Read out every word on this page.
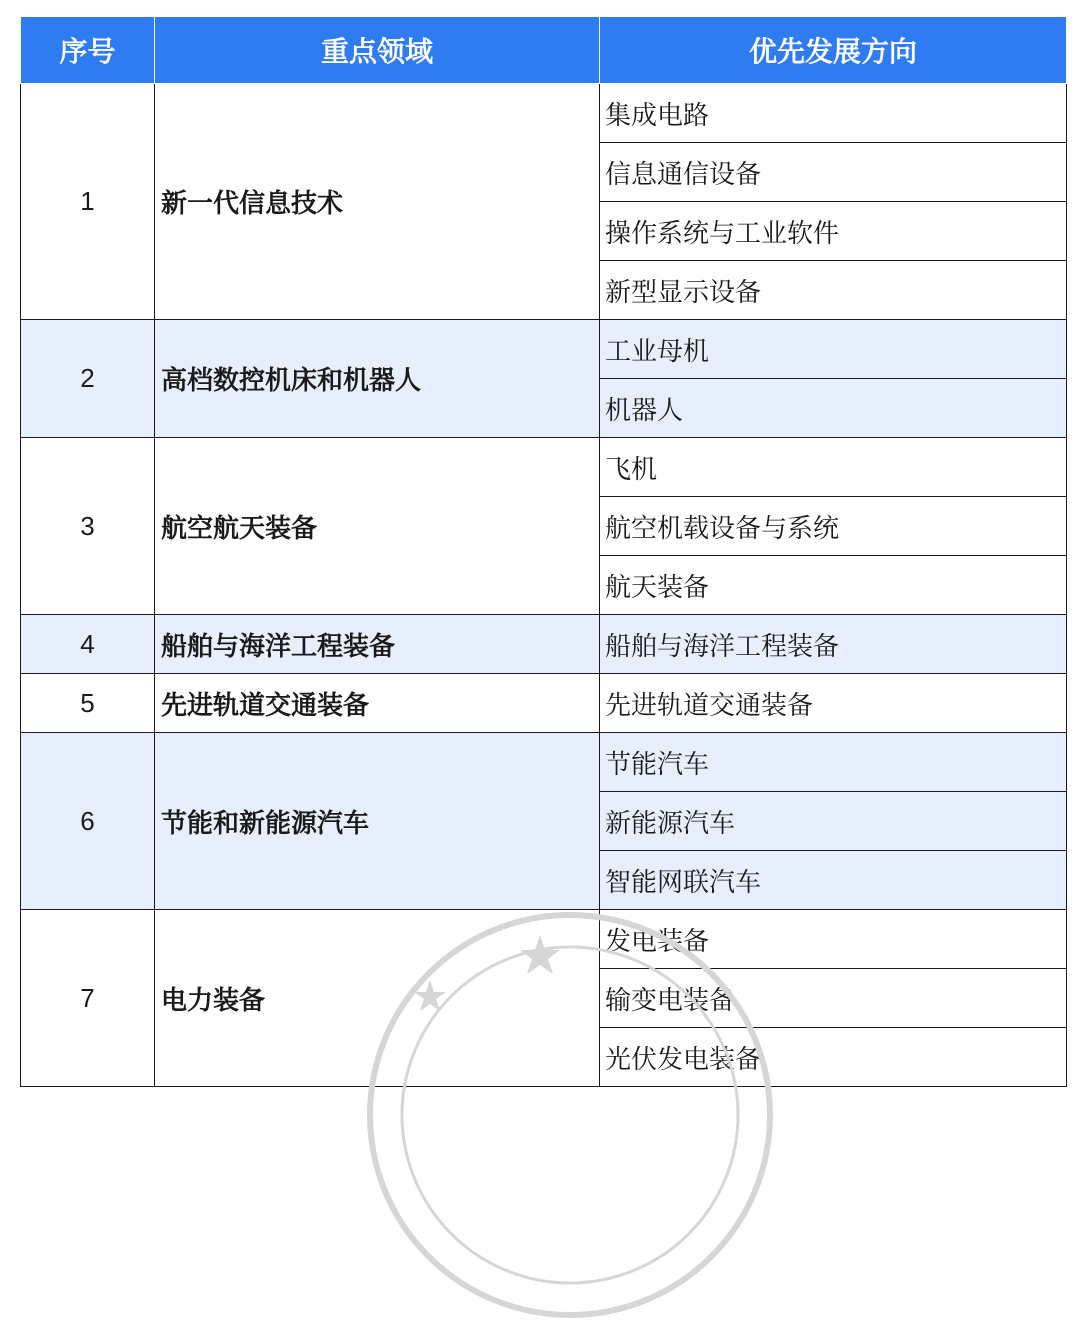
序号	重点领域	优先发展方向
1	新一代信息技术	集成电路
		信息通信设备
		操作系统与工业软件
		新型显示设备
2	高档数控机床和机器人	工业母机
		机器人
3	航空航天装备	飞机
		航空机载设备与系统
		航天装备
4	船舶与海洋工程装备	船舶与海洋工程装备
5	先进轨道交通装备	先进轨道交通装备
6	节能和新能源汽车	节能汽车
		新能源汽车
		智能网联汽车
7	电力装备	发电装备
		输变电装备
		光伏发电装备
